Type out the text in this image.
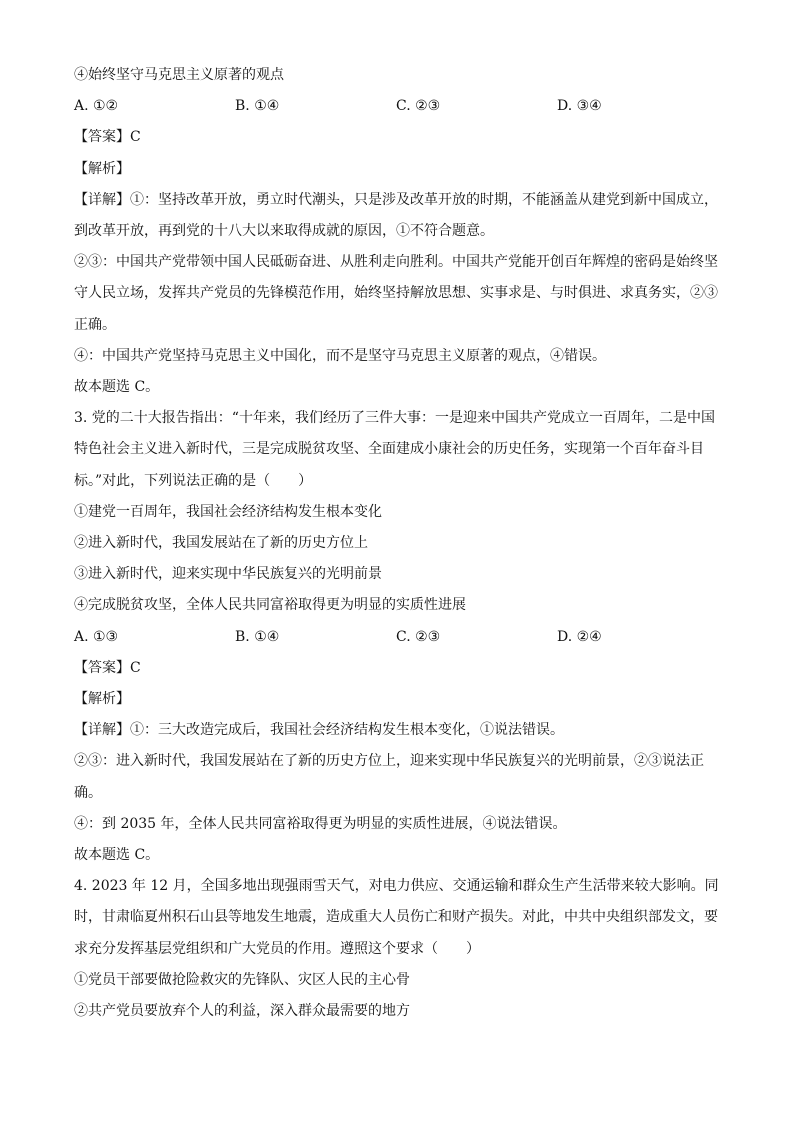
④始终坚守马克思主义原著的观点
A. ①②	B. ①④	C. ②③	D. ③④
【答案】C
【解析】
【详解】①：坚持改革开放，勇立时代潮头，只是涉及改革开放的时期，不能涵盖从建党到新中国成立，
到改革开放，再到党的十八大以来取得成就的原因，①不符合题意。
②③：中国共产党带领中国人民砥砺奋进、从胜利走向胜利。中国共产党能开创百年辉煌的密码是始终坚
守人民立场，发挥共产党员的先锋模范作用，始终坚持解放思想、实事求是、与时俱进、求真务实，②③
正确。
④：中国共产党坚持马克思主义中国化，而不是坚守马克思主义原著的观点，④错误。
故本题选 C。
3. 党的二十大报告指出：“十年来，我们经历了三件大事：一是迎来中国共产党成立一百周年，二是中国
特色社会主义进入新时代，三是完成脱贫攻坚、全面建成小康社会的历史任务，实现第一个百年奋斗目
标。”对此，下列说法正确的是（　　）
①建党一百周年，我国社会经济结构发生根本变化
②进入新时代，我国发展站在了新的历史方位上
③进入新时代，迎来实现中华民族复兴的光明前景
④完成脱贫攻坚，全体人民共同富裕取得更为明显的实质性进展
A. ①③	B. ①④	C. ②③	D. ②④
【答案】C
【解析】
【详解】①：三大改造完成后，我国社会经济结构发生根本变化，①说法错误。
②③：进入新时代，我国发展站在了新的历史方位上，迎来实现中华民族复兴的光明前景，②③说法正
确。
④：到 2035 年，全体人民共同富裕取得更为明显的实质性进展，④说法错误。
故本题选 C。
4. 2023 年 12 月，全国多地出现强雨雪天气，对电力供应、交通运输和群众生产生活带来较大影响。同
时，甘肃临夏州积石山县等地发生地震，造成重大人员伤亡和财产损失。对此，中共中央组织部发文，要
求充分发挥基层党组织和广大党员的作用。遵照这个要求（　　）
①党员干部要做抢险救灾的先锋队、灾区人民的主心骨
②共产党员要放弃个人的利益，深入群众最需要的地方
